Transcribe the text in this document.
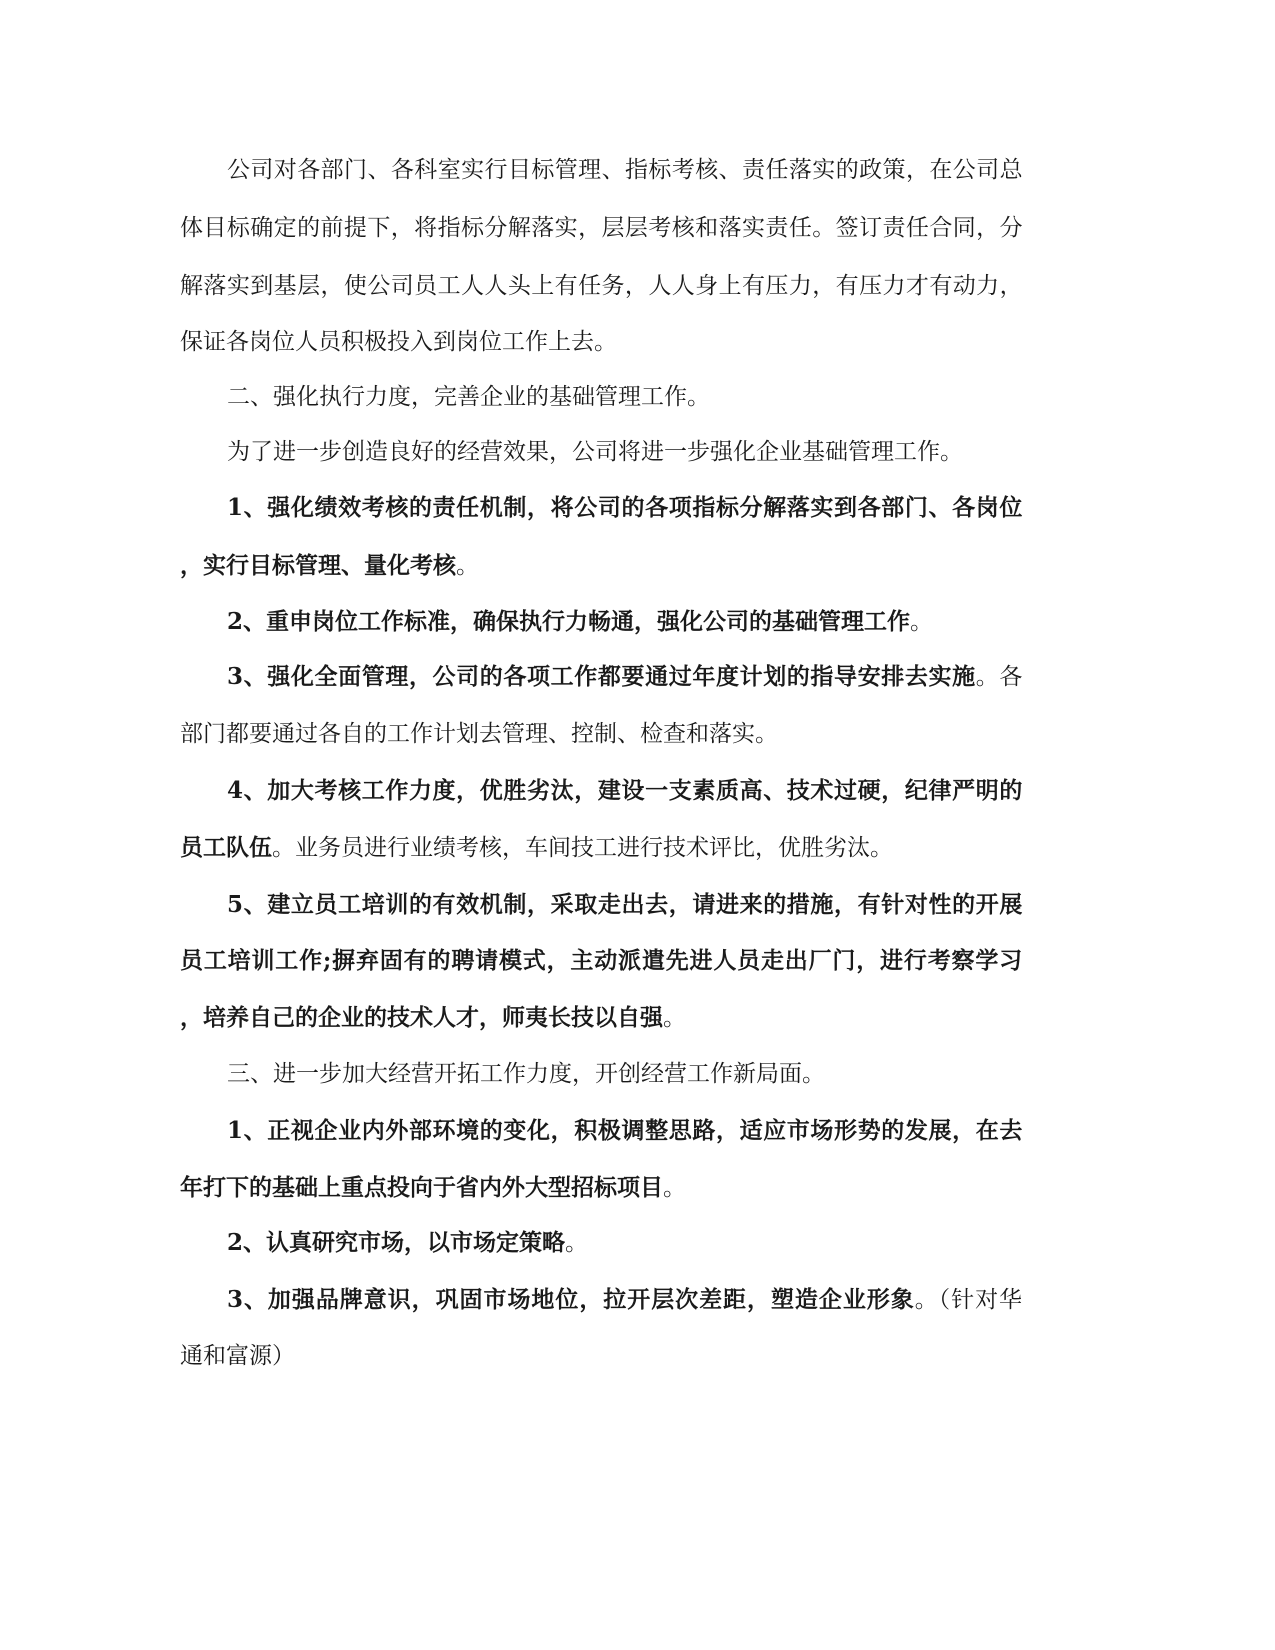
公司对各部门、各科室实行目标管理、指标考核、责任落实的政策，在公司总
体目标确定的前提下，将指标分解落实，层层考核和落实责任。签订责任合同，分
解落实到基层，使公司员工人人头上有任务，人人身上有压力，有压力才有动力，
保证各岗位人员积极投入到岗位工作上去。
二、强化执行力度，完善企业的基础管理工作。
为了进一步创造良好的经营效果，公司将进一步强化企业基础管理工作。
1、强化绩效考核的责任机制，将公司的各项指标分解落实到各部门、各岗位
，实行目标管理、量化考核。
2、重申岗位工作标准，确保执行力畅通，强化公司的基础管理工作。
3、强化全面管理，公司的各项工作都要通过年度计划的指导安排去实施。各
部门都要通过各自的工作计划去管理、控制、检查和落实。
4、加大考核工作力度，优胜劣汰，建设一支素质高、技术过硬，纪律严明的
员工队伍。业务员进行业绩考核，车间技工进行技术评比，优胜劣汰。
5、建立员工培训的有效机制，采取走出去，请进来的措施，有针对性的开展
员工培训工作;摒弃固有的聘请模式，主动派遣先进人员走出厂门，进行考察学习
，培养自己的企业的技术人才，师夷长技以自强。
三、进一步加大经营开拓工作力度，开创经营工作新局面。
1、正视企业内外部环境的变化，积极调整思路，适应市场形势的发展，在去
年打下的基础上重点投向于省内外大型招标项目。
2、认真研究市场，以市场定策略。
3、加强品牌意识，巩固市场地位，拉开层次差距，塑造企业形象。（针对华
通和富源）
